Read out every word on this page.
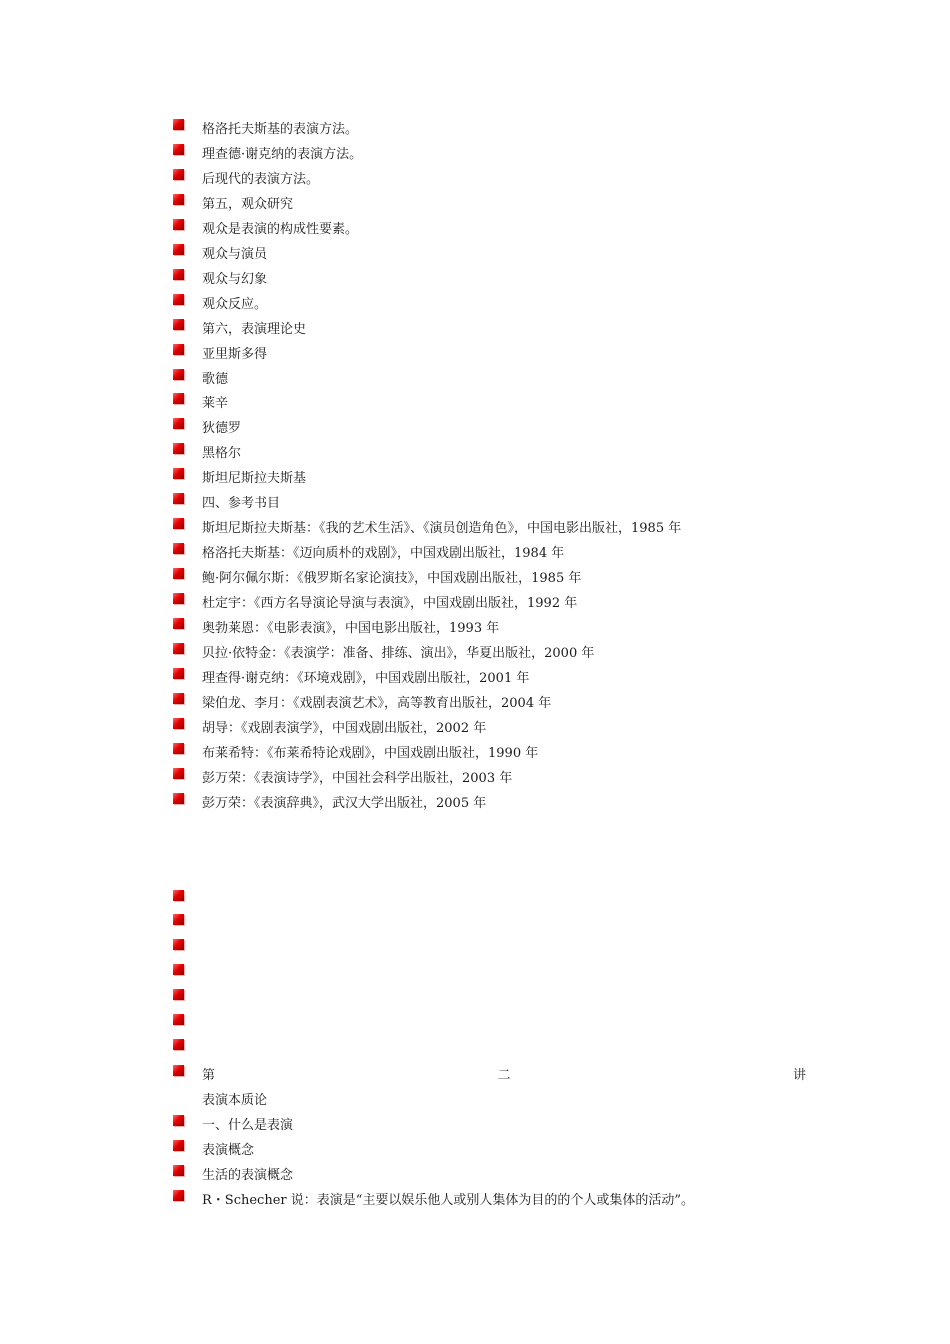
格洛托夫斯基的表演方法。
理查德·谢克纳的表演方法。
后现代的表演方法。
第五，观众研究
观众是表演的构成性要素。
观众与演员
观众与幻象
观众反应。
第六，表演理论史
亚里斯多得
歌德
莱辛
狄德罗
黑格尔
斯坦尼斯拉夫斯基
四、参考书目
斯坦尼斯拉夫斯基：《我的艺术生活》、《演员创造角色》，中国电影出版社，1985 年
格洛托夫斯基：《迈向质朴的戏剧》，中国戏剧出版社，1984 年
鲍·阿尔佩尔斯：《俄罗斯名家论演技》，中国戏剧出版社，1985 年
杜定宇：《西方名导演论导演与表演》，中国戏剧出版社，1992 年
奥勃莱恩：《电影表演》，中国电影出版社，1993 年
贝拉·依特金：《表演学：准备、排练、演出》，华夏出版社，2000 年
理查得·谢克纳：《环境戏剧》，中国戏剧出版社，2001 年
梁伯龙、李月：《戏剧表演艺术》，高等教育出版社，2004 年
胡导：《戏剧表演学》，中国戏剧出版社，2002 年
布莱希特：《布莱希特论戏剧》，中国戏剧出版社，1990 年
彭万荣：《表演诗学》，中国社会科学出版社，2003 年
彭万荣：《表演辞典》，武汉大学出版社，2005 年
第	二	讲
表演本质论
一、什么是表演
表演概念
生活的表演概念
R・Schecher 说：表演是“主要以娱乐他人或别人集体为目的的个人或集体的活动”。
